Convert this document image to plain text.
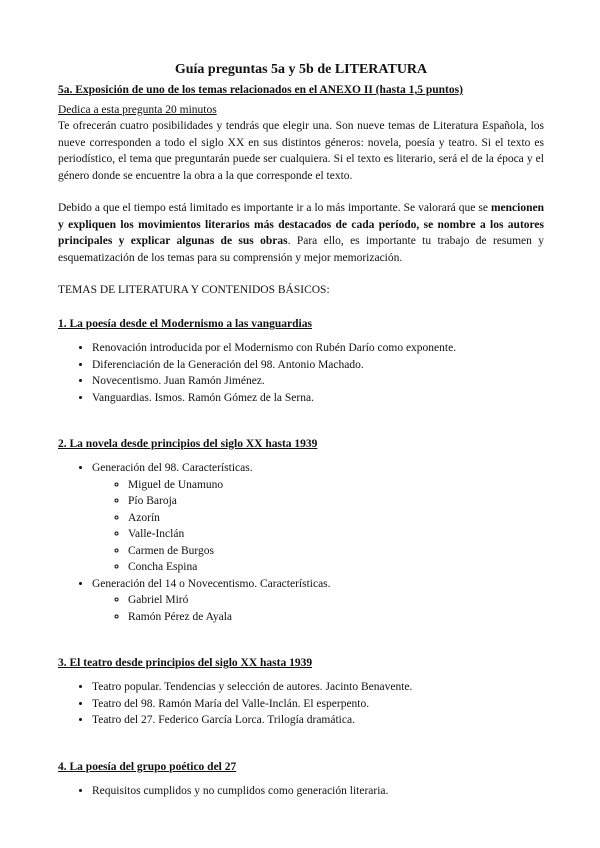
Guía preguntas 5a y 5b de LITERATURA
5a. Exposición de uno de los temas relacionados en el ANEXO II (hasta 1,5 puntos)
Dedica a esta pregunta 20 minutos

Te ofrecerán cuatro posibilidades y tendrás que elegir una. Son nueve temas de Literatura Española, los nueve corresponden a todo el siglo XX en sus distintos géneros: novela, poesía y teatro. Si el texto es periodístico, el tema que preguntarán puede ser cualquiera. Si el texto es literario, será el de la época y el género donde se encuentre la obra a la que corresponde el texto.

Debido a que el tiempo está limitado es importante ir a lo más importante. Se valorará que se mencionen y expliquen los movimientos literarios más destacados de cada período, se nombre a los autores principales y explicar algunas de sus obras. Para ello, es importante tu trabajo de resumen y esquematización de los temas para su comprensión y mejor memorización.

TEMAS DE LITERATURA Y CONTENIDOS BÁSICOS:
1. La poesía desde el Modernismo a las vanguardias
• Renovación introducida por el Modernismo con Rubén Darío como exponente.
• Diferenciación de la Generación del 98. Antonio Machado.
• Novecentismo. Juan Ramón Jiménez.
• Vanguardias. Ismos. Ramón Gómez de la Serna.
2. La novela desde principios del siglo XX hasta 1939
• Generación del 98. Características.
◦ Miguel de Unamuno
◦ Pío Baroja
◦ Azorín
◦ Valle-Inclán
◦ Carmen de Burgos
◦ Concha Espina
• Generación del 14 o Novecentismo. Características.
◦ Gabriel Miró
◦ Ramón Pérez de Ayala
3. El teatro desde principios del siglo XX hasta 1939
• Teatro popular. Tendencias y selección de autores. Jacinto Benavente.
• Teatro del 98. Ramón María del Valle-Inclán. El esperpento.
• Teatro del 27. Federico García Lorca. Trilogía dramática.
4. La poesía del grupo poético del 27
• Requisitos cumplidos y no cumplidos como generación literaria.
